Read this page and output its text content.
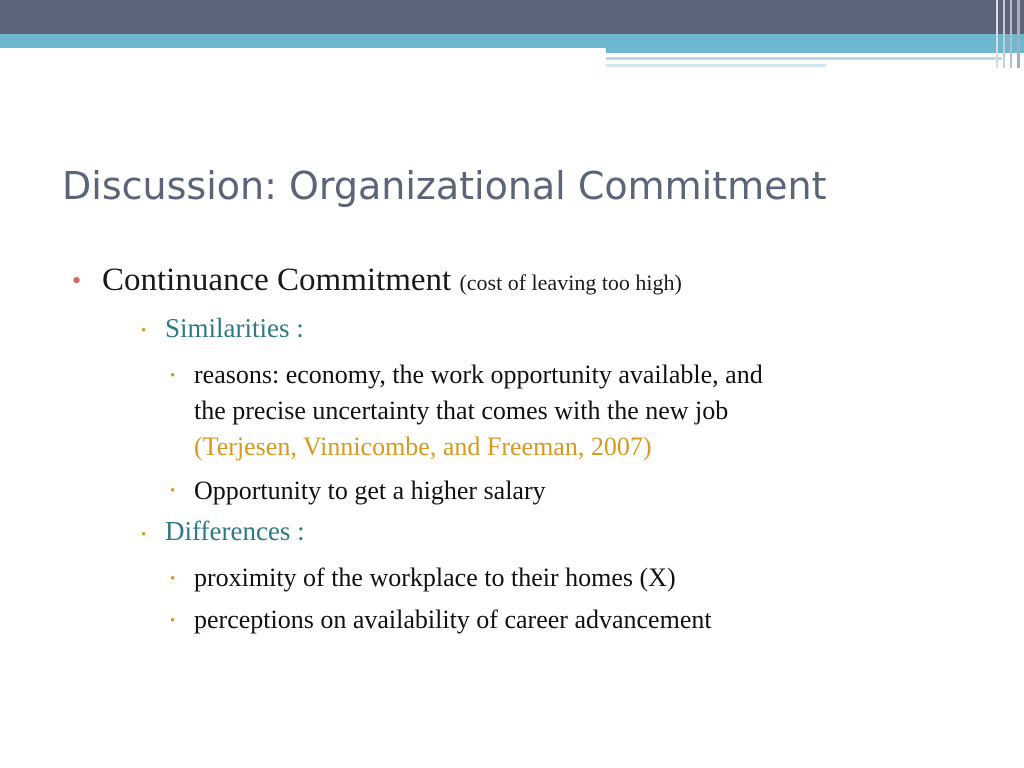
Discussion: Organizational Commitment
• Continuance Commitment (cost of leaving too high)
• Similarities :
• reasons: economy, the work opportunity available, and
the precise uncertainty that comes with the new job
(Terjesen, Vinnicombe, and Freeman, 2007)
• Opportunity to get a higher salary
• Differences :
• proximity of the workplace to their homes (X)
• perceptions on availability of career advancement
